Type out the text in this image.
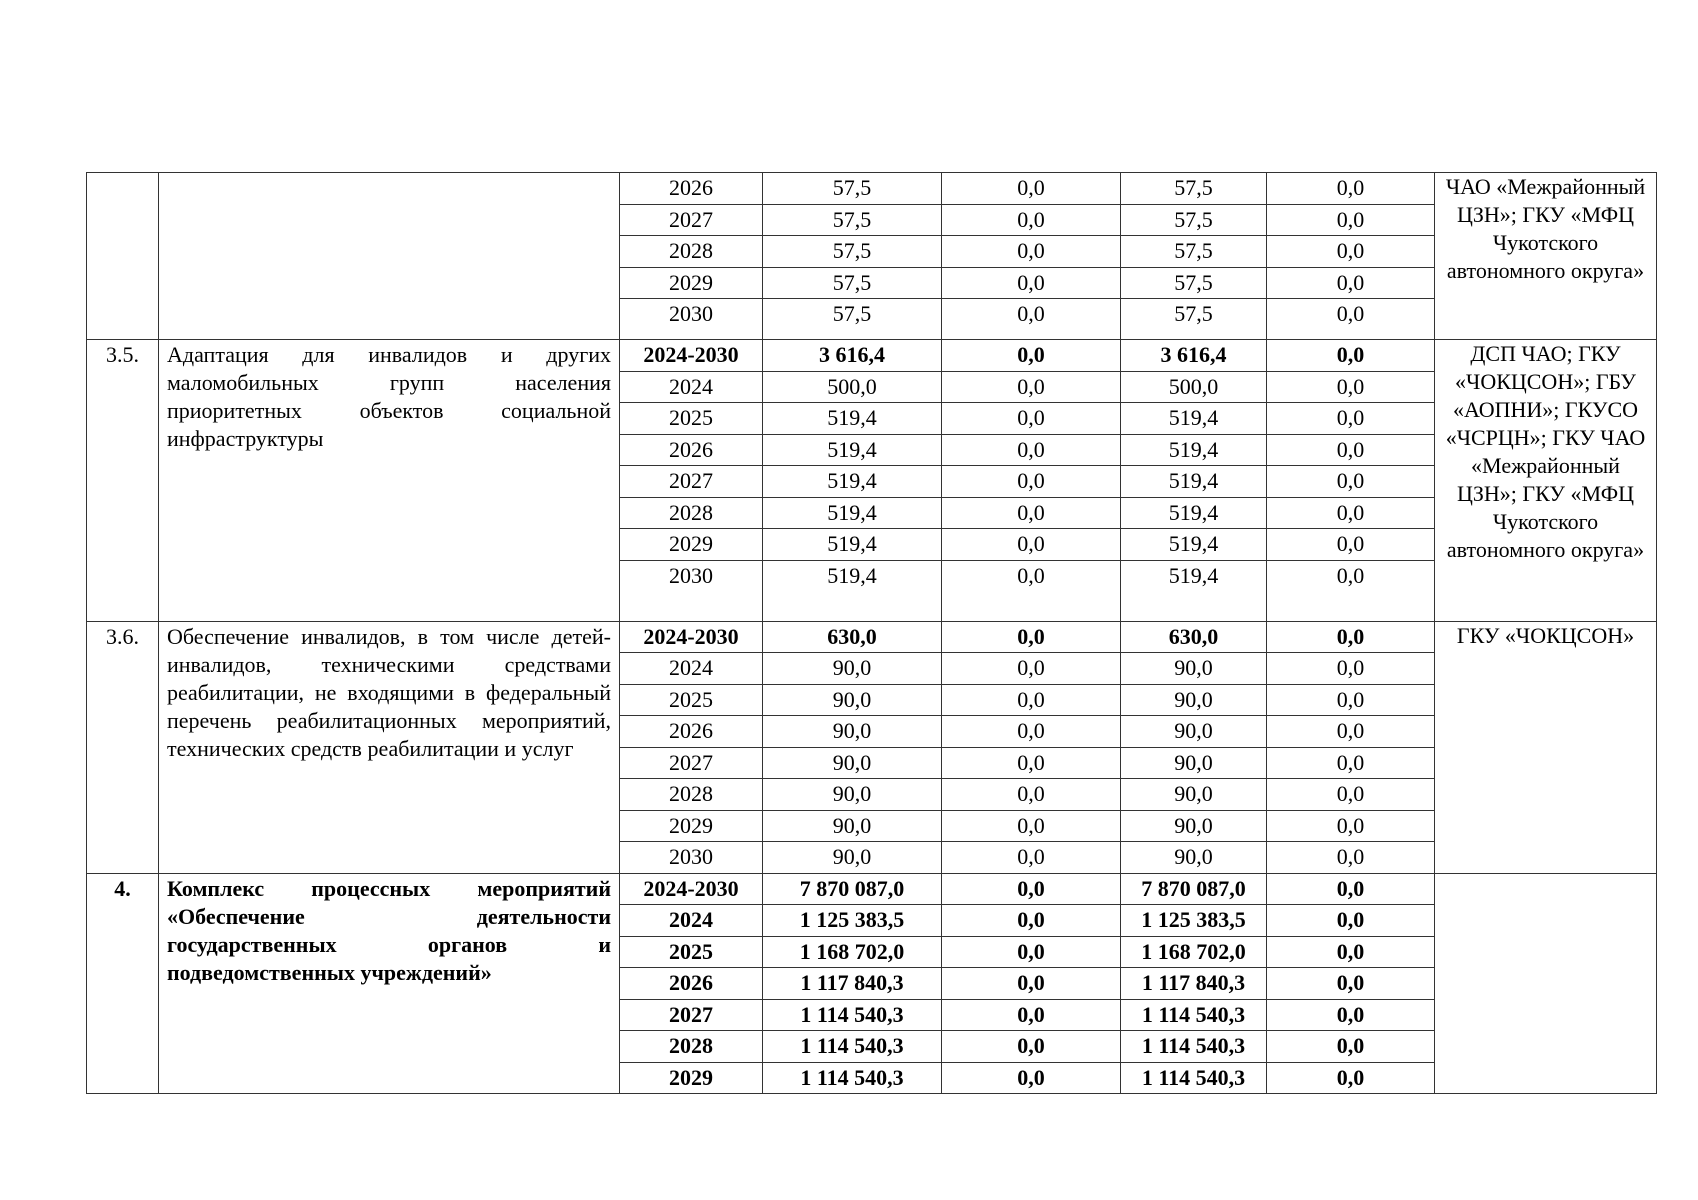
		2026	57,5	0,0	57,5	0,0	ЧАО «Межрайонный ЦЗН»; ГКУ «МФЦ Чукотского автономного округа»
		2027	57,5	0,0	57,5	0,0	
		2028	57,5	0,0	57,5	0,0	
		2029	57,5	0,0	57,5	0,0	
		2030	57,5	0,0	57,5	0,0	
3.5.	Адаптация для инвалидов и других маломобильных групп населения приоритетных объектов социальной инфраструктуры	2024-2030	3 616,4	0,0	3 616,4	0,0	ДСП ЧАО; ГКУ «ЧОКЦСОН»; ГБУ «АОПНИ»; ГКУСО «ЧСРЦН»; ГКУ ЧАО «Межрайонный ЦЗН»; ГКУ «МФЦ Чукотского автономного округа»
		2024	500,0	0,0	500,0	0,0	
		2025	519,4	0,0	519,4	0,0	
		2026	519,4	0,0	519,4	0,0	
		2027	519,4	0,0	519,4	0,0	
		2028	519,4	0,0	519,4	0,0	
		2029	519,4	0,0	519,4	0,0	
		2030	519,4	0,0	519,4	0,0	
3.6.	Обеспечение инвалидов, в том числе детей-инвалидов, техническими средствами реабилитации, не входящими в федеральный перечень реабилитационных мероприятий, технических средств реабилитации и услуг	2024-2030	630,0	0,0	630,0	0,0	ГКУ «ЧОКЦСОН»
		2024	90,0	0,0	90,0	0,0	
		2025	90,0	0,0	90,0	0,0	
		2026	90,0	0,0	90,0	0,0	
		2027	90,0	0,0	90,0	0,0	
		2028	90,0	0,0	90,0	0,0	
		2029	90,0	0,0	90,0	0,0	
		2030	90,0	0,0	90,0	0,0	
4.	Комплекс процессных мероприятий «Обеспечение деятельности государственных органов и подведомственных учреждений»	2024-2030	7 870 087,0	0,0	7 870 087,0	0,0	
		2024	1 125 383,5	0,0	1 125 383,5	0,0	
		2025	1 168 702,0	0,0	1 168 702,0	0,0	
		2026	1 117 840,3	0,0	1 117 840,3	0,0	
		2027	1 114 540,3	0,0	1 114 540,3	0,0	
		2028	1 114 540,3	0,0	1 114 540,3	0,0	
		2029	1 114 540,3	0,0	1 114 540,3	0,0	
